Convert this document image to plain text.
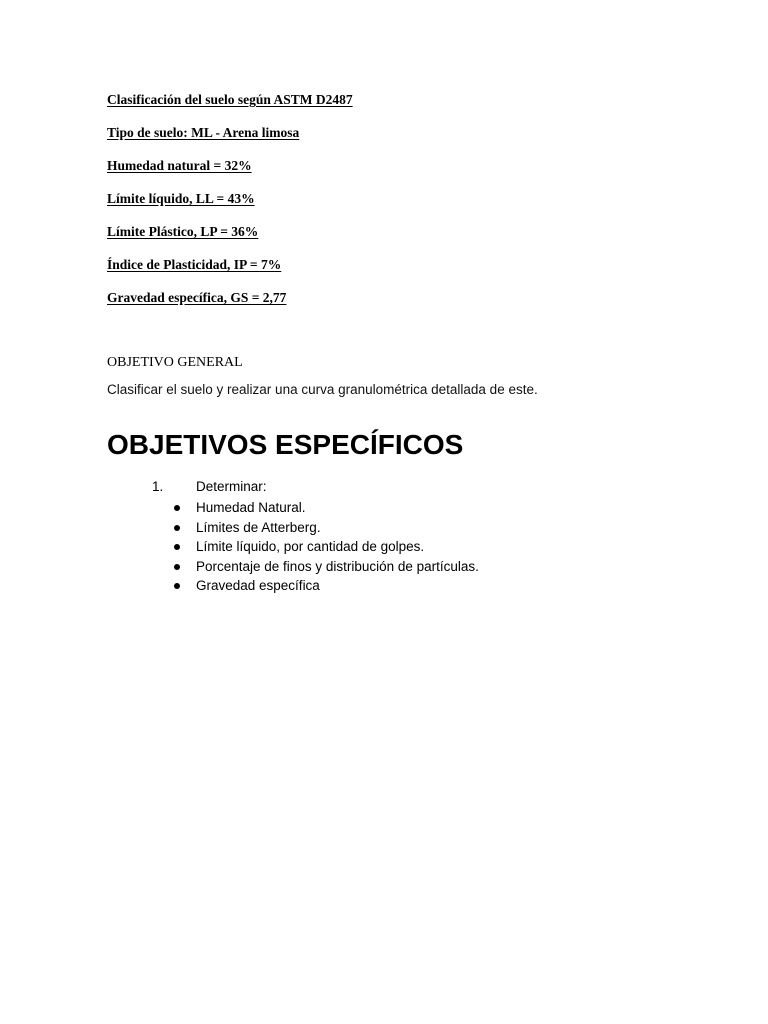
Clasificación del suelo según ASTM D2487

Tipo de suelo: ML - Arena limosa

Humedad natural = 32%

Límite líquido, LL = 43%

Límite Plástico, LP = 36%

Índice de Plasticidad, IP = 7%

Gravedad específica, GS = 2,77

OBJETIVO GENERAL

Clasificar el suelo y realizar una curva granulométrica detallada de este.

OBJETIVOS ESPECÍFICOS
1. Determinar:
Humedad Natural.
Límites de Atterberg.
Límite líquido, por cantidad de golpes.
Porcentaje de finos y distribución de partículas.
Gravedad específica
